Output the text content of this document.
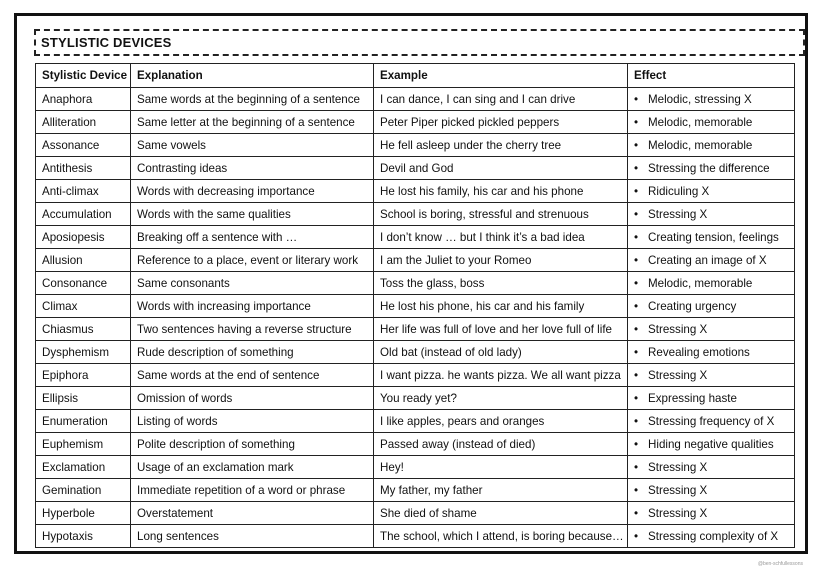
STYLISTIC DEVICES
Stylistic Device	Explanation	Example	Effect
Anaphora	Same words at the beginning of a sentence	I can dance, I can sing and I can drive	• Melodic, stressing X
Alliteration	Same letter at the beginning of a sentence	Peter Piper picked pickled peppers	• Melodic, memorable
Assonance	Same vowels	He fell asleep under the cherry tree	• Melodic, memorable
Antithesis	Contrasting ideas	Devil and God	• Stressing the difference
Anti-climax	Words with decreasing importance	He lost his family, his car and his phone	• Ridiculing X
Accumulation	Words with the same qualities	School is boring, stressful and strenuous	• Stressing X
Aposiopesis	Breaking off a sentence with …	I don’t know … but I think it’s a bad idea	• Creating tension, feelings
Allusion	Reference to a place, event or literary work	I am the Juliet to your Romeo	• Creating an image of X
Consonance	Same consonants	Toss the glass, boss	• Melodic, memorable
Climax	Words with increasing importance	He lost his phone, his car and his family	• Creating urgency
Chiasmus	Two sentences having a reverse structure	Her life was full of love and her love full of life	• Stressing X
Dysphemism	Rude description of something	Old bat (instead of old lady)	• Revealing emotions
Epiphora	Same words at the end of sentence	I want pizza. he wants pizza. We all want pizza	• Stressing X
Ellipsis	Omission of words	You ready yet?	• Expressing haste
Enumeration	Listing of words	I like apples, pears and oranges	• Stressing frequency of X
Euphemism	Polite description of something	Passed away (instead of died)	• Hiding negative qualities
Exclamation	Usage of an exclamation mark	Hey!	• Stressing X
Gemination	Immediate repetition of a word or phrase	My father, my father	• Stressing X
Hyperbole	Overstatement	She died of shame	• Stressing X
Hypotaxis	Long sentences	The school, which I attend, is boring because…	• Stressing complexity of X
@ben-schfullessons
